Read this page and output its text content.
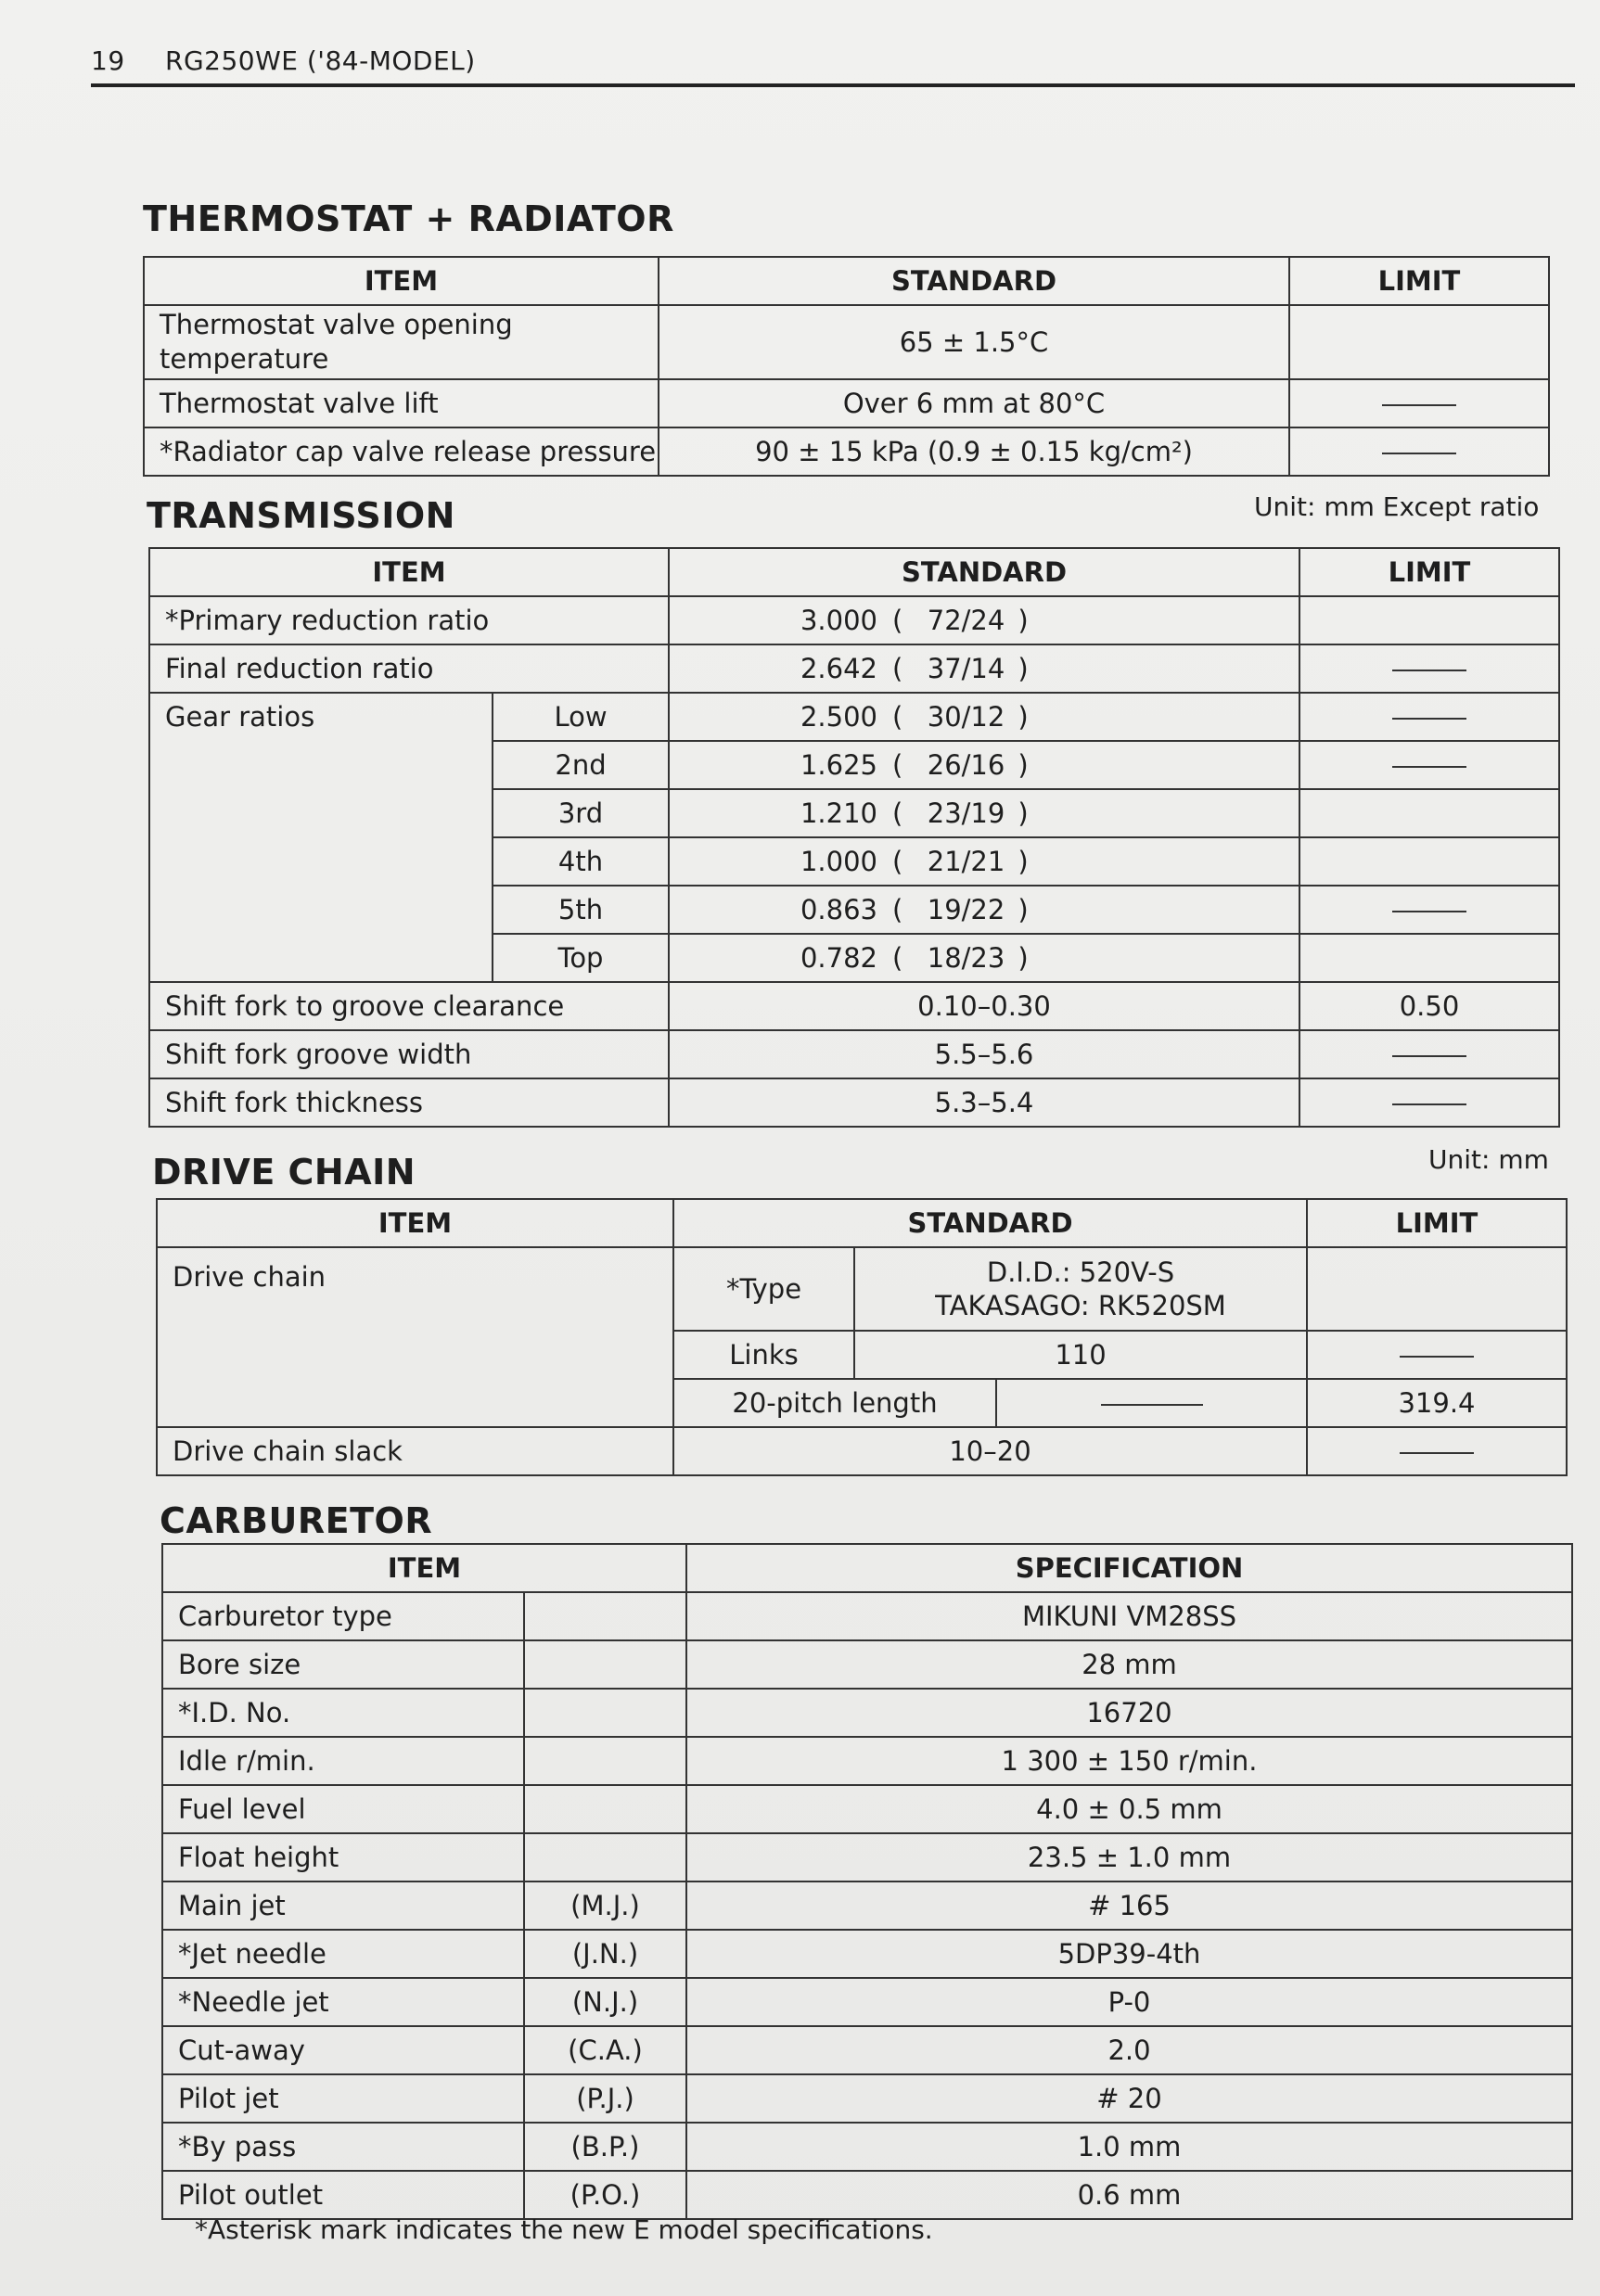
19 RG250WE ('84-MODEL)
THERMOSTAT + RADIATOR
ITEM	STANDARD	LIMIT
Thermostat valve opening temperature	65 ± 1.5°C	
Thermostat valve lift	Over 6 mm at 80°C	
*Radiator cap valve release pressure	90 ± 15 kPa (0.9 ± 0.15 kg/cm²)	
TRANSMISSION	Unit: mm Except ratio
ITEM		STANDARD	LIMIT
*Primary reduction ratio		3.000 ( 72/24 )	
Final reduction ratio		2.642 ( 37/14 )	
Gear ratios	Low	2.500 ( 30/12 )	
	2nd	1.625 ( 26/16 )	
	3rd	1.210 ( 23/19 )	
	4th	1.000 ( 21/21 )	
	5th	0.863 ( 19/22 )	
	Top	0.782 ( 18/23 )	
Shift fork to groove clearance		0.10–0.30	0.50
Shift fork groove width		5.5–5.6	
Shift fork thickness		5.3–5.4	
DRIVE CHAIN	Unit: mm
ITEM	STANDARD			LIMIT
Drive chain	*Type	D.I.D.: 520V-S
TAKASAGO: RK520SM		

	Links	110		
	20-pitch length			319.4
Drive chain slack	10–20			
CARBURETOR
ITEM		SPECIFICATION
Carburetor type		MIKUNI VM28SS
Bore size		28 mm
*I.D. No.		16720
Idle r/min.		1 300 ± 150 r/min.
Fuel level		4.0 ± 0.5 mm
Float height		23.5 ± 1.0 mm
Main jet	(M.J.)	# 165
*Jet needle	(J.N.)	5DP39-4th
*Needle jet	(N.J.)	P-0
Cut-away	(C.A.)	2.0
Pilot jet	(P.J.)	# 20
*By pass	(B.P.)	1.0 mm
Pilot outlet	(P.O.)	0.6 mm
*Asterisk mark indicates the new E model specifications.
